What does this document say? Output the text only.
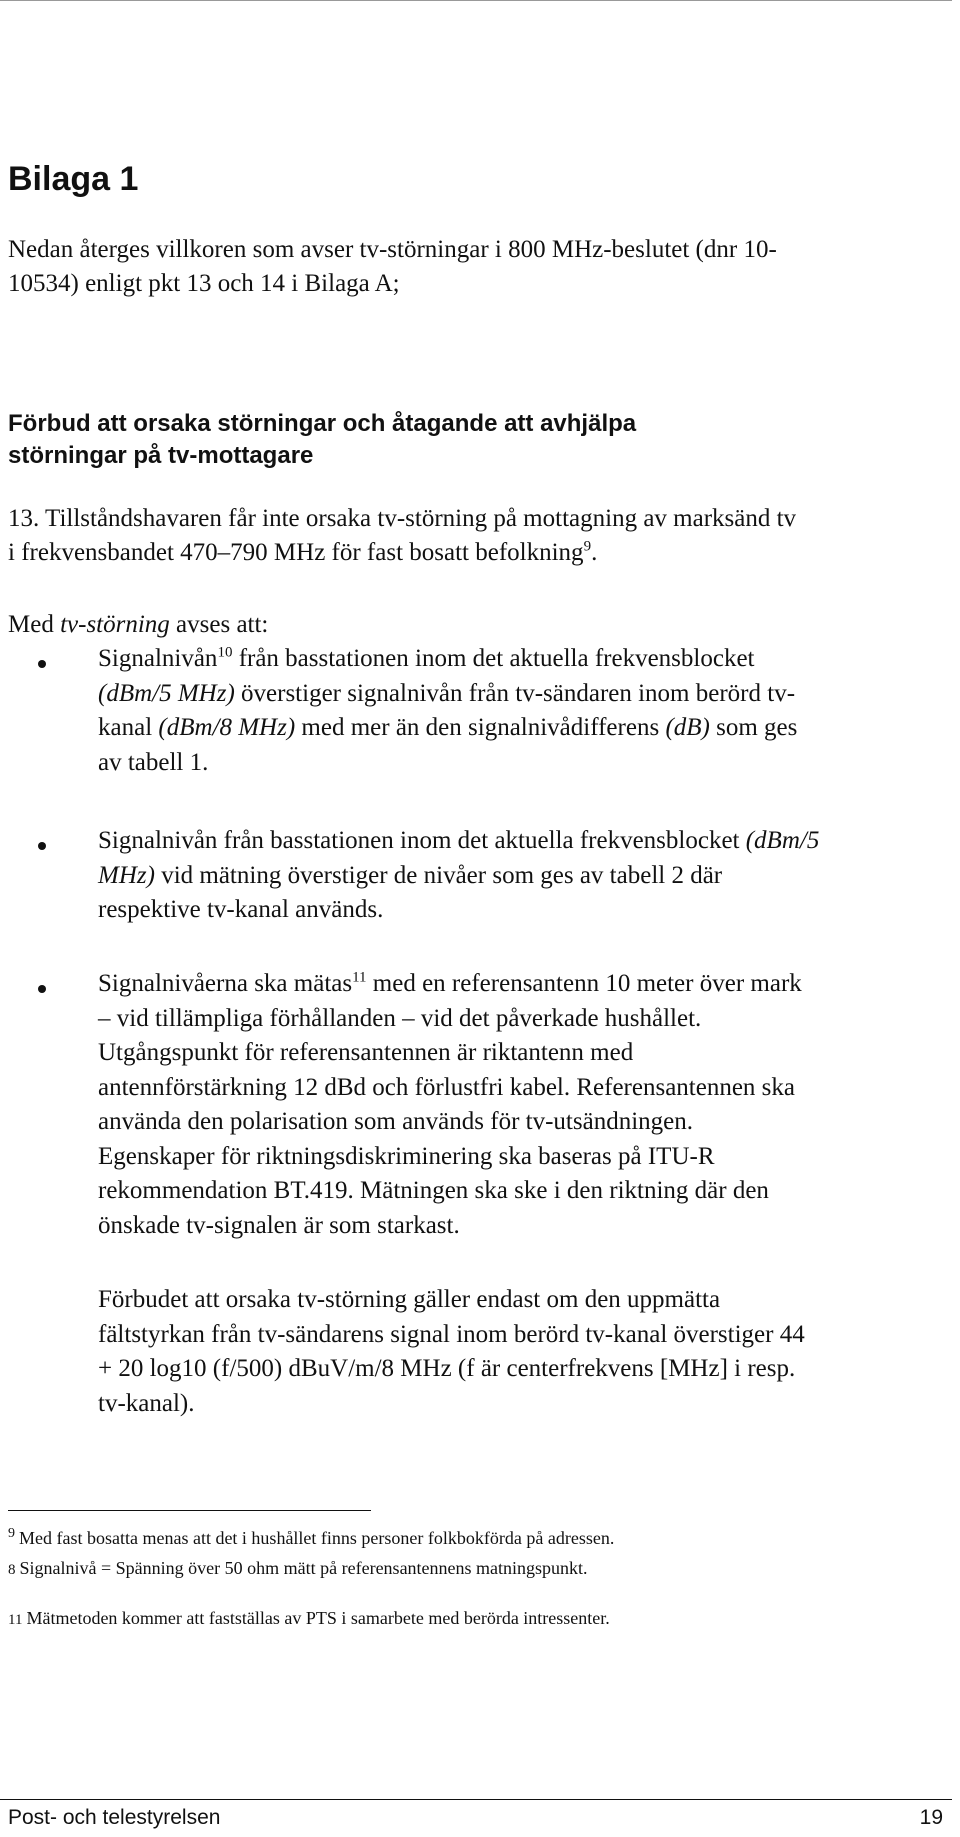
Bilaga 1
Nedan återges villkoren som avser tv-störningar i 800 MHz-beslutet (dnr 10-
10534) enligt pkt 13 och 14 i Bilaga A;
Förbud att orsaka störningar och åtagande att avhjälpa
störningar på tv-mottagare
13. Tillståndshavaren får inte orsaka tv-störning på mottagning av marksänd tv
i frekvensbandet 470–790 MHz för fast bosatt befolkning$^9$.
Med tv-störning avses att:
Signalnivån$^{10}$ från basstationen inom det aktuella frekvensblocket
(dBm/5 MHz) överstiger signalnivån från tv-sändaren inom berörd tv-
kanal (dBm/8 MHz) med mer än den signalnivådifferens (dB) som ges
av tabell 1.
Signalnivån från basstationen inom det aktuella frekvensblocket (dBm/5
MHz) vid mätning överstiger de nivåer som ges av tabell 2 där
respektive tv-kanal används.
Signalnivåerna ska mätas$^{11}$ med en referensantenn 10 meter över mark
– vid tillämpliga förhållanden – vid det påverkade hushållet.
Utgångspunkt för referensantennen är riktantenn med
antennförstärkning 12 dBd och förlustfri kabel. Referensantennen ska
använda den polarisation som används för tv-utsändningen.
Egenskaper för riktningsdiskriminering ska baseras på ITU-R
rekommendation BT.419. Mätningen ska ske i den riktning där den
önskade tv-signalen är som starkast.
Förbudet att orsaka tv-störning gäller endast om den uppmätta
fältstyrkan från tv-sändarens signal inom berörd tv-kanal överstiger 44
+ 20 log10 (f/500) dBuV/m/8 MHz (f är centerfrekvens [MHz] i resp.
tv-kanal).
$^9$ Med fast bosatta menas att det i hushållet finns personer folkbokförda på adressen.
8 Signalnivå = Spänning över 50 ohm mätt på referensantennens matningspunkt.
11 Mätmetoden kommer att fastställas av PTS i samarbete med berörda intressenter.
Post- och telestyrelsen	19
